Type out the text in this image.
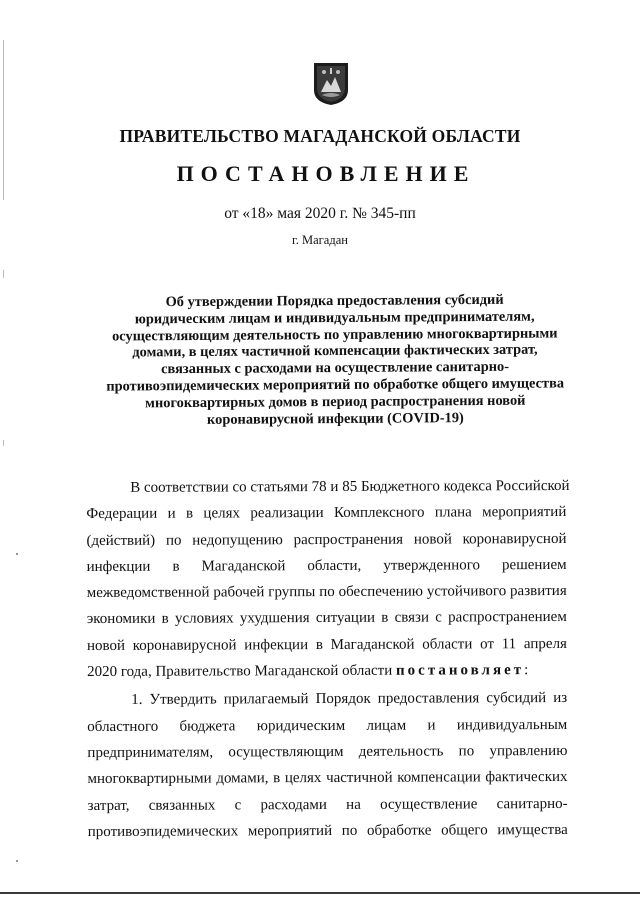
ПРАВИТЕЛЬСТВО МАГАДАНСКОЙ ОБЛАСТИ
ПОСТАНОВЛЕНИЕ
от «18» мая 2020 г. № 345-пп
г. Магадан
Об утверждении Порядка предоставления субсидий
юридическим лицам и индивидуальным предпринимателям,
осуществляющим деятельность по управлению многоквартирными
домами, в целях частичной компенсации фактических затрат,
связанных с расходами на осуществление санитарно-
противоэпидемических мероприятий по обработке общего имущества
многоквартирных домов в период распространения новой
коронавирусной инфекции (COVID-19)
В соответствии со статьями 78 и 85 Бюджетного кодекса Российской
Федерации и в целях реализации Комплексного плана мероприятий
(действий) по недопущению распространения новой коронавирусной
инфекции в Магаданской области, утвержденного решением
межведомственной рабочей группы по обеспечению устойчивого развития
экономики в условиях ухудшения ситуации в связи с распространением
новой коронавирусной инфекции в Магаданской области от 11 апреля
2020 года, Правительство Магаданской области постановляет:
1. Утвердить прилагаемый Порядок предоставления субсидий из
областного бюджета юридическим лицам и индивидуальным
предпринимателям, осуществляющим деятельность по управлению
многоквартирными домами, в целях частичной компенсации фактических
затрат, связанных с расходами на осуществление санитарно-
противоэпидемических мероприятий по обработке общего имущества
